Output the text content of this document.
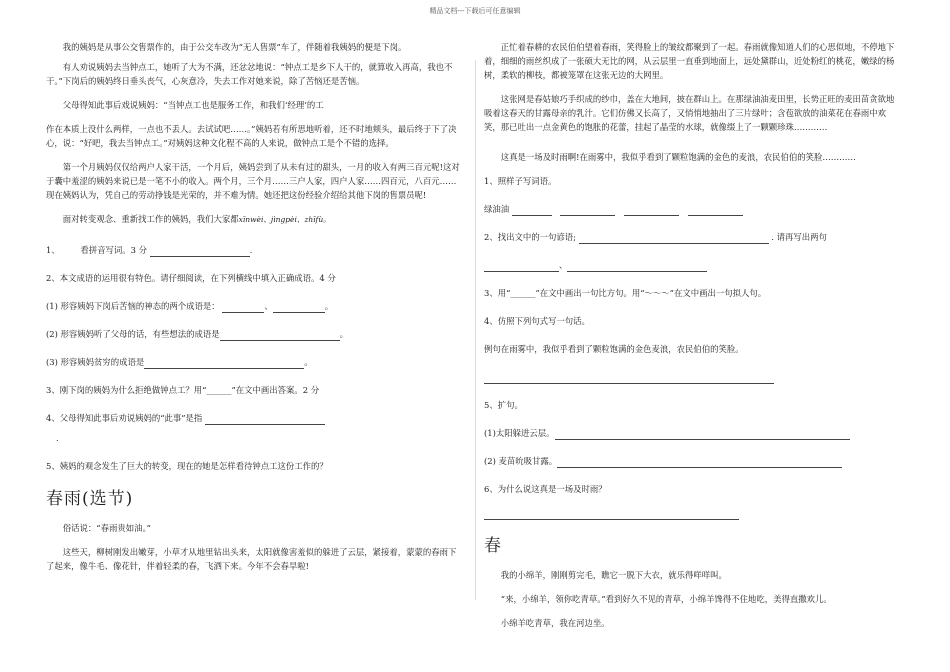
精品文档---下载后可任意编辑

我的姨妈是从事公交售票作的，由于公交车改为“无人售票”车了，伴随着我姨妈的便是下岗。

有人劝说姨妈去当钟点工，她听了大为不满，还忿忿地说：“钟点工是乡下人干的，就算收入再高，我也不干。”下岗后的姨妈终日垂头丧气，心灰意冷，失去工作对她来说，除了苦恼还是苦恼。

父母得知此事后戏说姨妈：“当钟点工也是服务工作，和我们‘经理’的工

作在本质上没什么两样，一点也不丢人。去试试吧……。”姨妈若有所思地听着，还不时地颊头，最后终于下了决心，说：“好吧，我去当钟点工。”对姨妈这种文化程不高的人来说，做钟点工是个不错的选择。

第一个月姨妈仅仅给两户人家干活，一个月后，姨妈尝到了从未有过的甜头，一月的收入有两三百元呢!这对于囊中羞涩的姨妈来说已是一笔不小的收入。两个月，三个月……三户人家，四户人家……四百元，八百元……现在姨妈认为，凭自己的劳动挣钱是光荣的，并不难为情。她还把这份经验介绍给其他下岗的售票员呢!

面对转变观念、重新找工作的姨妈，我们大家都xīnwèi、jìngpèi、zhīfù。

1、 看拼音写词。3 分	.

2、本文成语的运用很有特色。请仔细阅读，在下列横线中填入正确成语。4 分

(1) 形容姨妈下岗后苦恼的神态的两个成语是：	、	。

(2) 形容姨妈听了父母的话，有些想法的成语是	。

(3) 形容姨妈贫穷的成语是	。

3、刚下岗的姨妈为什么拒绝做钟点工？用“______”在文中画出答案。2 分

4、父母得知此事后劝说姨妈的“此事”是指

.

5、姨妈的观念发生了巨大的转变，现在的她是怎样看待钟点工这份工作的？

春雨(选节)

俗话说：“春雨贵如油。”

这些天，柳树刚发出嫩芽，小草才从地里钻出头来，太阳就像害羞似的躲进了云层，紧接着，蒙蒙的春雨下了起来，像牛毛、像花针，伴着轻柔的春，飞洒下来。今年不会春旱啦!

正忙着春耕的农民伯伯望着春雨，笑得脸上的皱纹都聚到了一起。春雨就像知道人们的心思似地，不停地下着，细细的雨丝织成了一张硕大无比的网，从云层里一直垂到地面上，远处黛群山，近处粉红的桃花，嫩绿的杨树，柔软的柳枝，都被笼罩在这张无边的大网里。

这张网是春姑娘巧手织成的纱巾，盖在大地间，披在群山上。在那绿油油麦田里，长势正旺的麦田苗贪欲地吸着这春天的甘露母亲的乳汁。它们仿佛又长高了，又悄悄地抽出了三片绿叶；含苞欲放的油菜花在春雨中欢笑，那已吐出一点金黄色的饱胀的花蕾，挂起了晶莹的水球，就像缀上了一颗颗珍珠…………

这真是一场及时雨啊!在雨雾中，我似乎看到了颗粒饱满的金色的麦浪，农民伯伯的笑脸…………

1、照样子写词语。

绿油油

2、找出文中的一句谚语;	. 请再写出两句

、

3、用“______”在文中画出一句比方句。用“～～～”在文中画出一句拟人句。

4、仿照下列句式写一句话。

例句在雨雾中，我似乎看到了颗粒饱满的金色麦浪，农民伯伯的笑脸。

5、扩句。

(1)太阳躲进云层。

(2) 麦苗吮吸甘露。

6、为什么说这真是一场及时雨？

春

我的小绵羊，刚刚剪完毛，瞧它一脱下大衣，就乐得咩咩叫。

“来，小绵羊，领你吃青草。”看到好久不见的青草，小绵羊馋得不住地吃，美得直撒欢儿。

小绵羊吃青草，我在河边坐。
